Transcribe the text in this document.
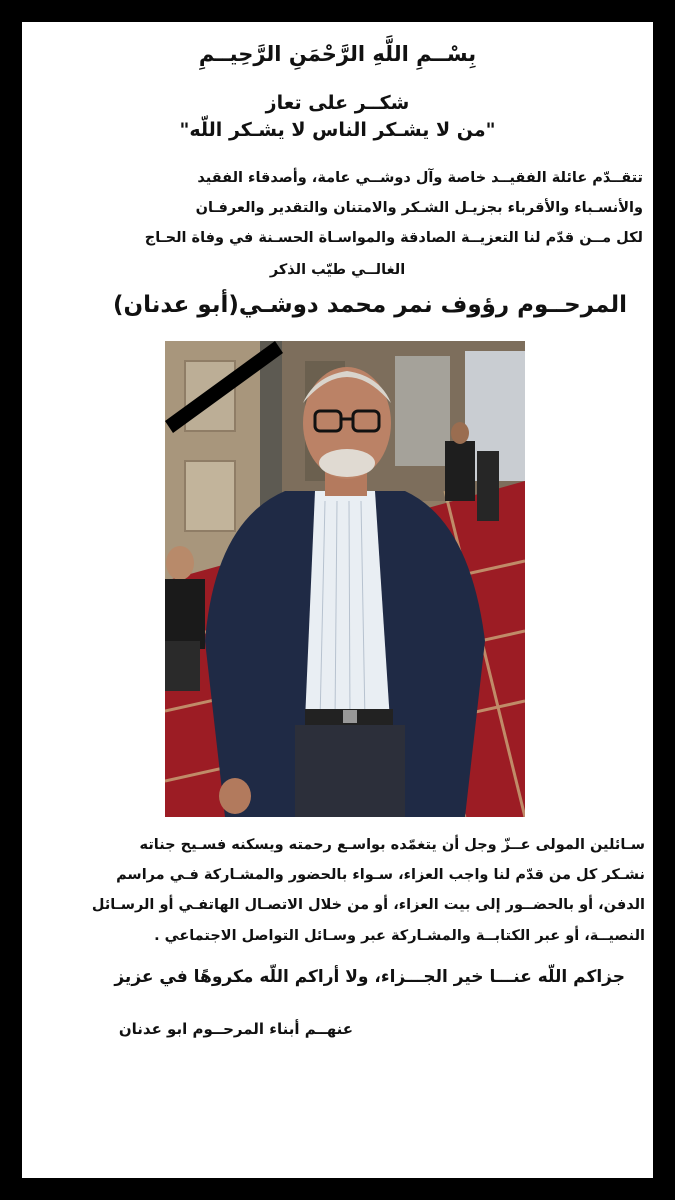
بِسْــمِ اللَّهِ الرَّحْمَنِ الرَّحِيــمِ
شكــر على تعاز
"من لا يشـكر الناس لا يشـكر اللّه"
تتقــدّم عائلة الفقيــد خاصة وآل دوشــي عامة، وأصدقاء الفقيد
والأنسـباء والأقرباء بجزيـل الشـكر والامتنان والتقدير والعرفـان
لكل مــن قدّم لنا التعزيــة الصادقة والمواسـاة الحسـنة في وفاة الحـاج
الغالــي طيّب الذكر
المرحــوم رؤوف نمر محمد دوشـي(أبو عدنان)
سـائلين المولى عــزّ وجل أن يتغمّده بواسـع رحمته ويسكنه فسـيح جناته
نشـكر كل من قدّم لنا واجب العزاء، سـواء بالحضور والمشـاركة فـي مراسم
الدفن، أو بالحضــور إلى بيت العزاء، أو من خلال الاتصـال الهاتفـي أو الرسـائل
النصيــة، أو عبر الكتابــة والمشـاركة عبر وسـائل التواصل الاجتماعي .
جزاكم اللّه عنـــا خير الجـــزاء، ولا أراكم اللّه مكروهًا في عزيز
عنهــم أبناء المرحــوم ابو عدنان
